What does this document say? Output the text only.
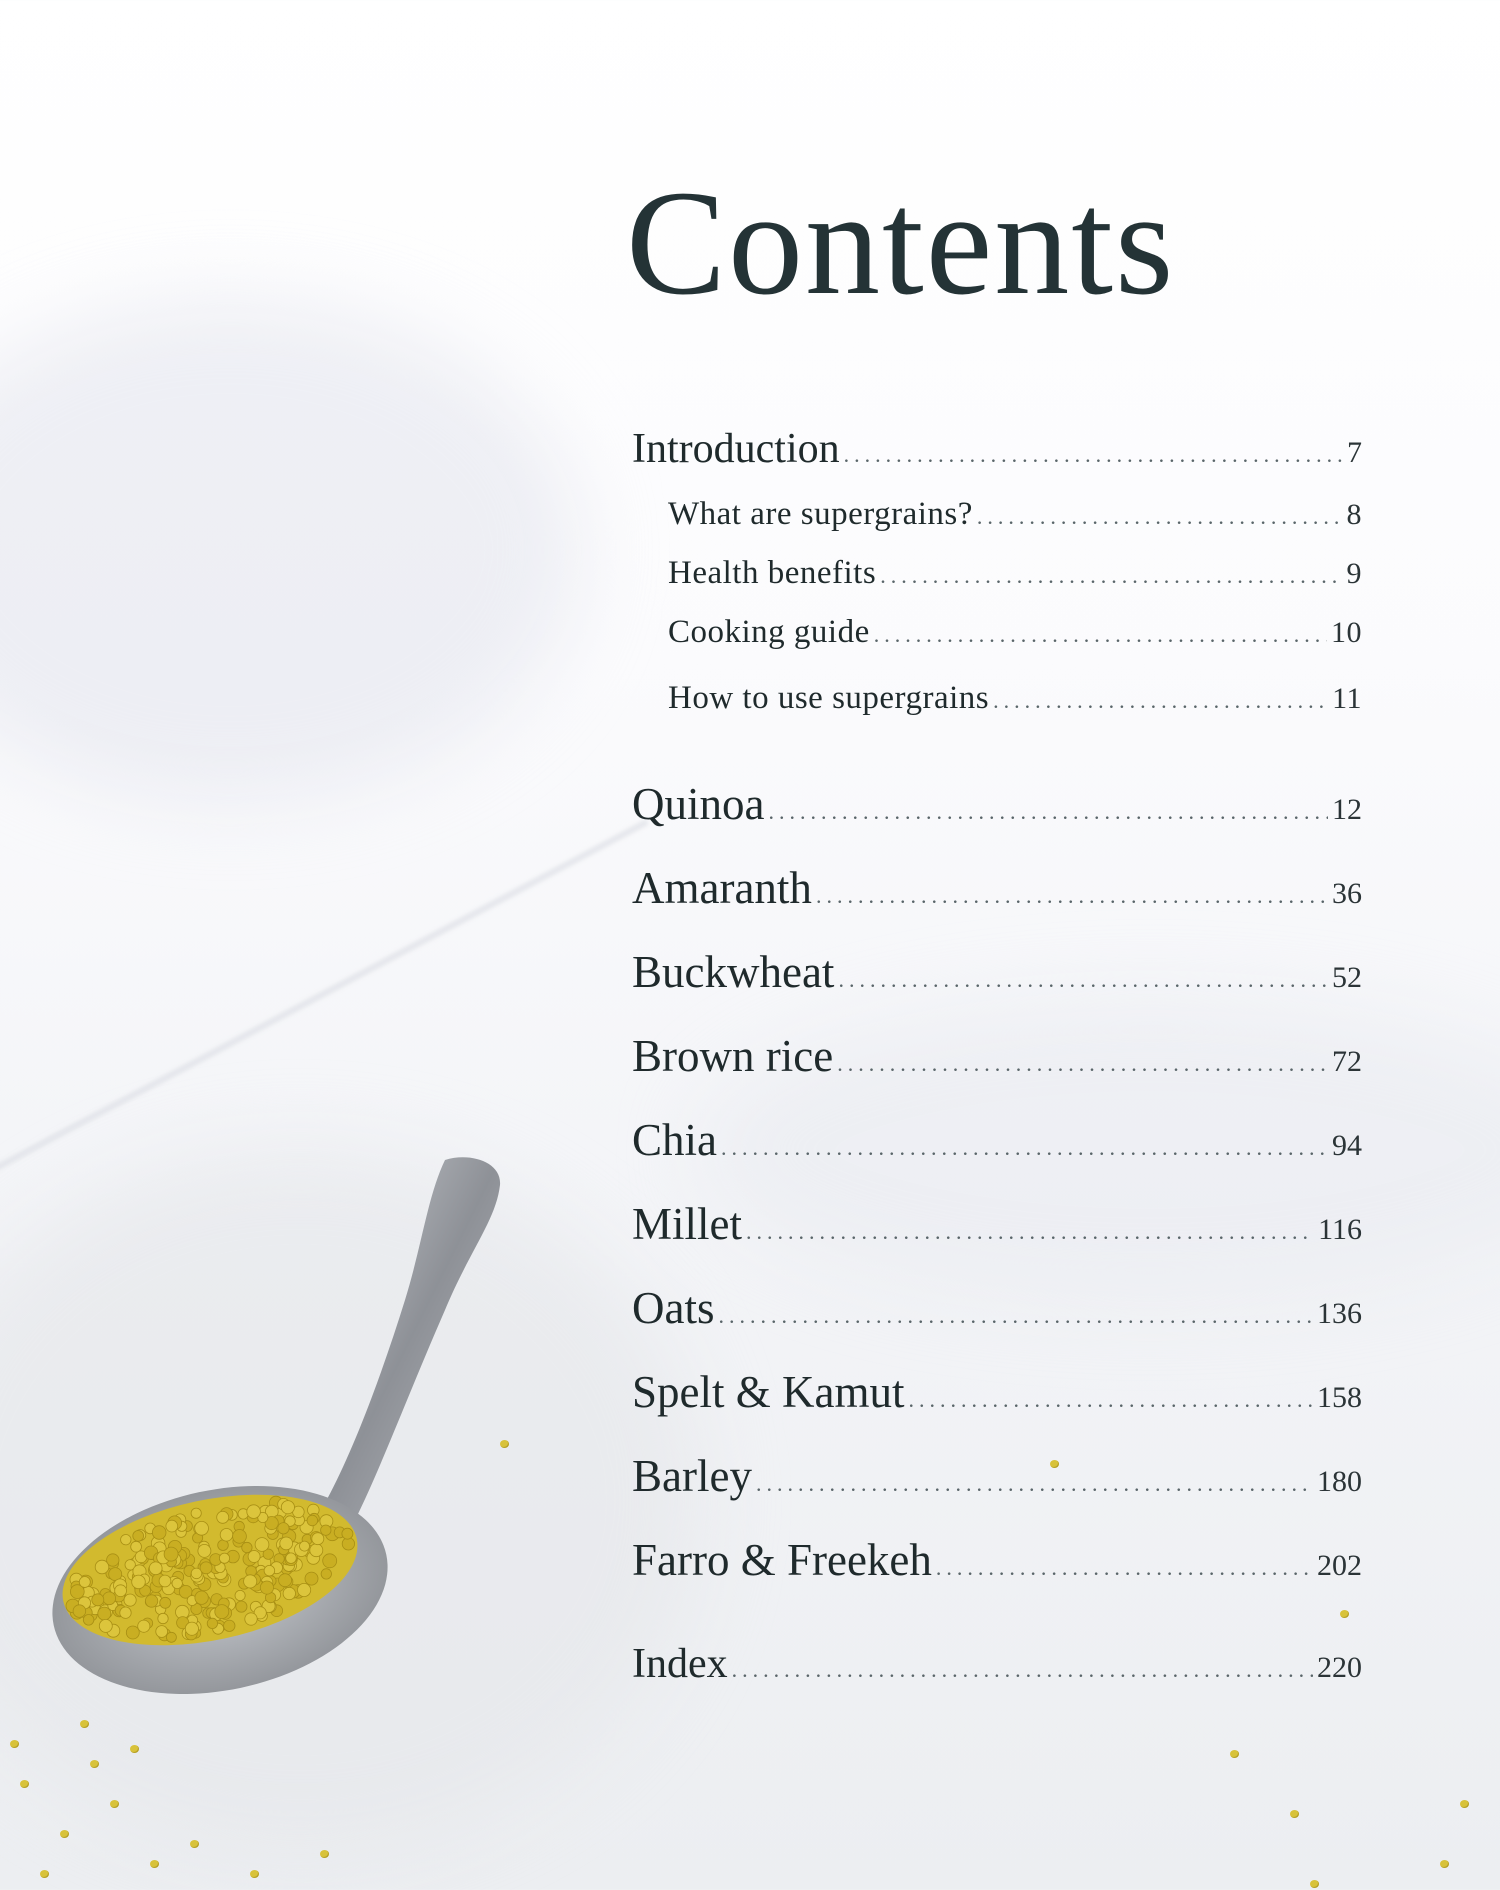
Contents
Introduction .....	7
What are supergrains? .....	8
Health benefits .....	9
Cooking guide .....	10
How to use supergrains .....	11
Quinoa .....	12
Amaranth .....	36
Buckwheat .....	52
Brown rice .....	72
Chia .....	94
Millet .....	116
Oats .....	136
Spelt & Kamut .....	158
Barley .....	180
Farro & Freekeh .....	202
Index .....	220
